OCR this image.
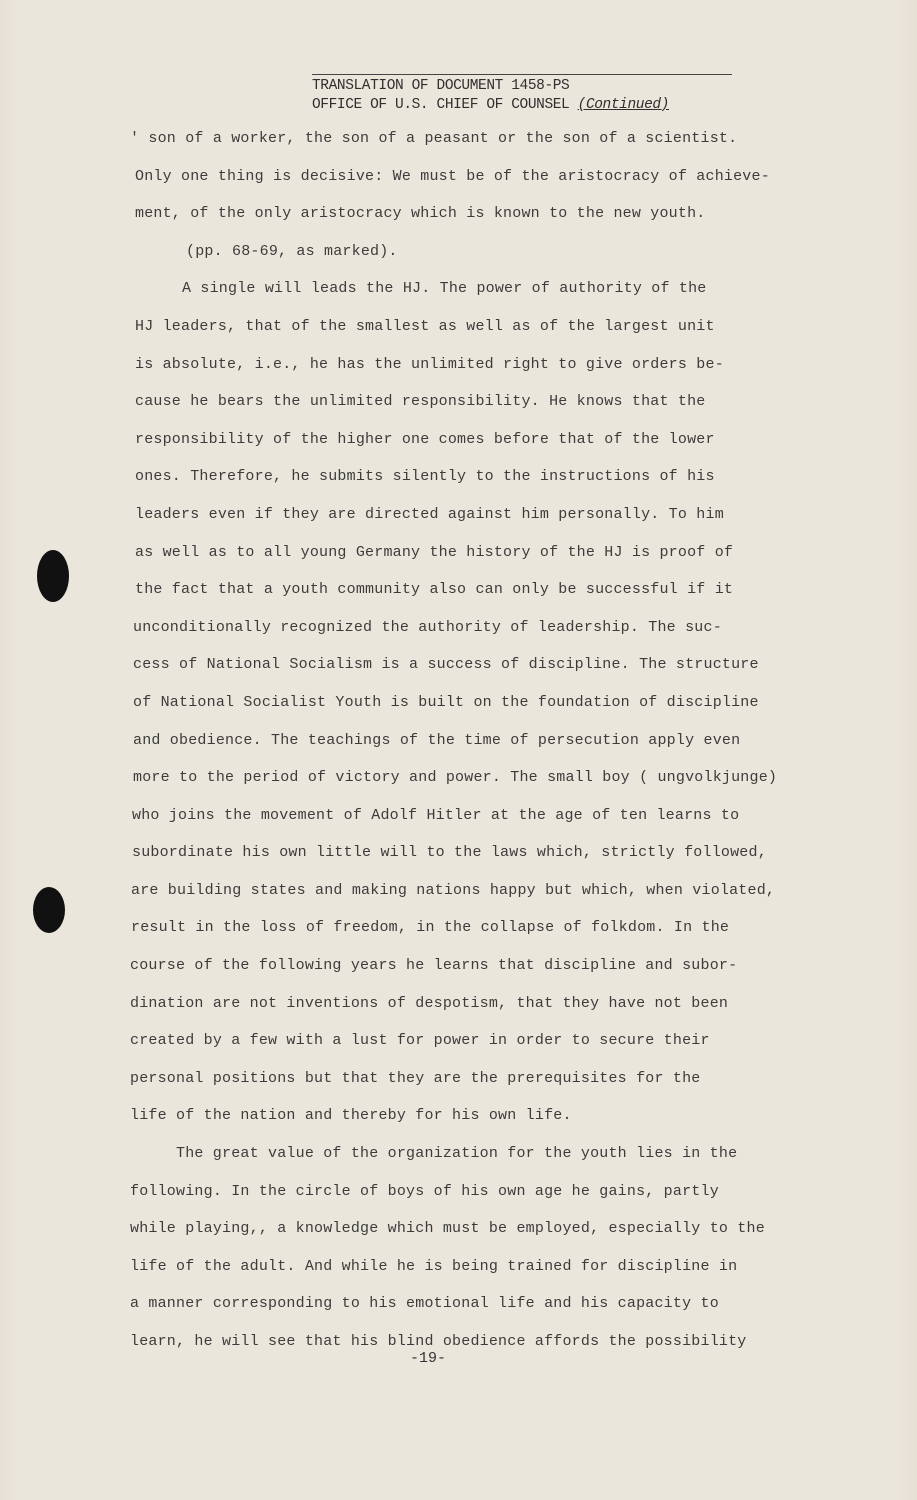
TRANSLATION OF DOCUMENT 1458-PS
OFFICE OF U.S. CHIEF OF COUNSEL (Continued)
' son of a worker, the son of a peasant or the son of a scientist.
Only one thing is decisive: We must be of the aristocracy of achieve-
ment, of the only aristocracy which is known to the new youth.
(pp. 68-69, as marked).
A single will leads the HJ. The power of authority of the
HJ leaders, that of the smallest as well as of the largest unit
is absolute, i.e., he has the unlimited right to give orders be-
cause he bears the unlimited responsibility. He knows that the
responsibility of the higher one comes before that of the lower
ones. Therefore, he submits silently to the instructions of his
leaders even if they are directed against him personally. To him
as well as to all young Germany the history of the HJ is proof of
the fact that a youth community also can only be successful if it
unconditionally recognized the authority of leadership. The suc-
cess of National Socialism is a success of discipline. The structure
of National Socialist Youth is built on the foundation of discipline
and obedience. The teachings of the time of persecution apply even
more to the period of victory and power. The small boy ( ungvolkjunge)
who joins the movement of Adolf Hitler at the age of ten learns to
subordinate his own little will to the laws which, strictly followed,
are building states and making nations happy but which, when violated,
result in the loss of freedom, in the collapse of folkdom. In the
course of the following years he learns that discipline and subor-
dination are not inventions of despotism, that they have not been
created by a few with a lust for power in order to secure their
personal positions but that they are the prerequisites for the
life of the nation and thereby for his own life.
The great value of the organization for the youth lies in the
following. In the circle of boys of his own age he gains, partly
while playing,, a knowledge which must be employed, especially to the
life of the adult. And while he is being trained for discipline in
a manner corresponding to his emotional life and his capacity to
learn, he will see that his blind obedience affords the possibility
-19-
